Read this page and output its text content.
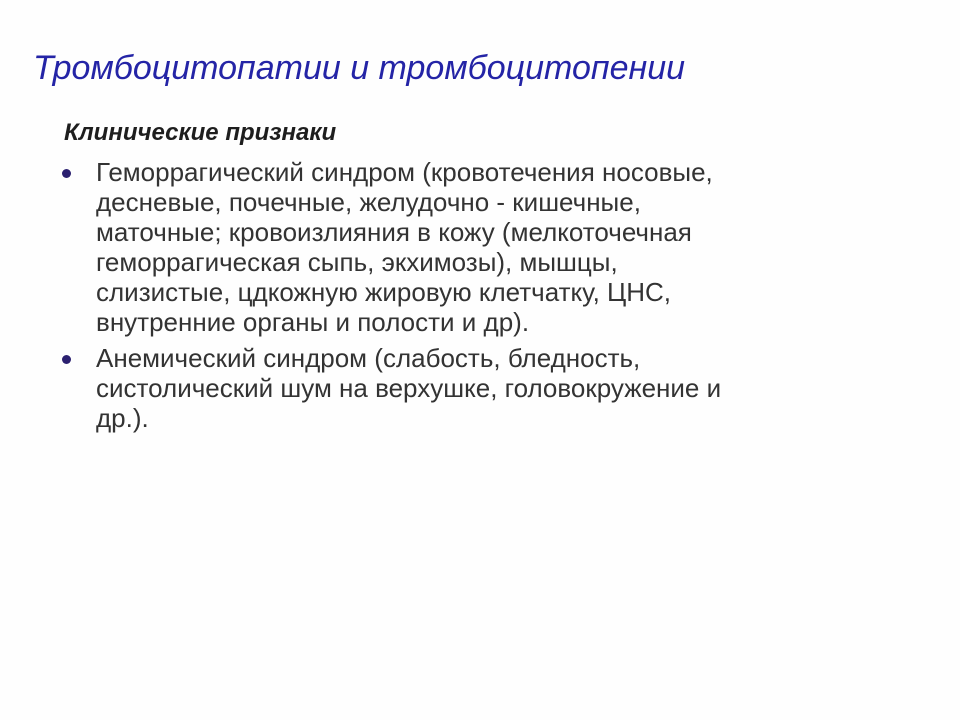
Тромбоцитопатии и тромбоцитопении
Клинические признаки

Геморрагический синдром (кровотечения носовые,
десневые, почечные, желудочно - кишечные,
маточные; кровоизлияния в кожу (мелкоточечная
геморрагическая сыпь, экхимозы), мышцы,
слизистые, цдкожную жировую клетчатку, ЦНС,
внутренние органы и полости и др).

Анемический синдром (слабость, бледность,
систолический шум на верхушке, головокружение и
др.).
